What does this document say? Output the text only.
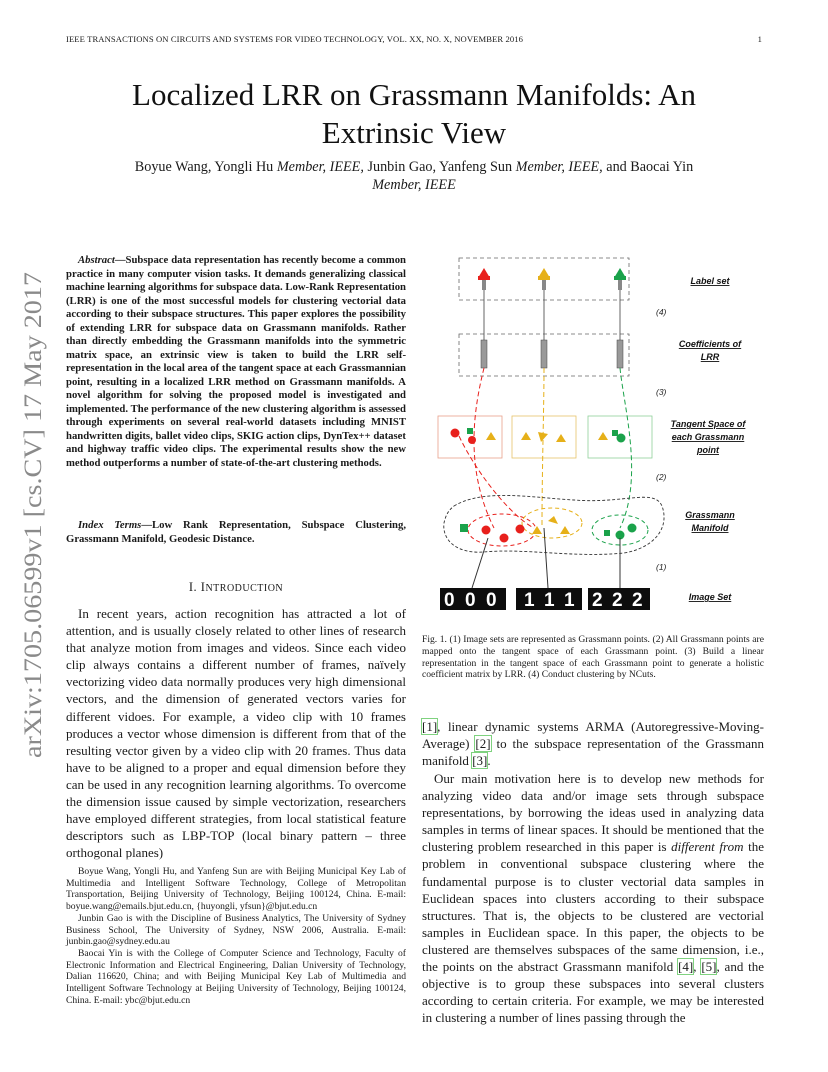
IEEE TRANSACTIONS ON CIRCUITS AND SYSTEMS FOR VIDEO TECHNOLOGY, VOL. XX, NO. X, NOVEMBER 2016	1
arXiv:1705.06599v1 [cs.CV] 17 May 2017
Localized LRR on Grassmann Manifolds: An
Extrinsic View
Boyue Wang, Yongli Hu Member, IEEE, Junbin Gao, Yanfeng Sun Member, IEEE, and Baocai Yin
Member, IEEE
Abstract—Subspace data representation has recently become a common practice in many computer vision tasks. It demands generalizing classical machine learning algorithms for subspace data. Low-Rank Representation (LRR) is one of the most successful models for clustering vectorial data according to their subspace structures. This paper explores the possibility of extending LRR for subspace data on Grassmann manifolds. Rather than directly embedding the Grassmann manifolds into the symmetric matrix space, an extrinsic view is taken to build the LRR self-representation in the local area of the tangent space at each Grassmannian point, resulting in a localized LRR method on Grassmann manifolds. A novel algorithm for solving the proposed model is investigated and implemented. The performance of the new clustering algorithm is assessed through experiments on several real-world datasets including MNIST handwritten digits, ballet video clips, SKIG action clips, DynTex++ dataset and highway traffic video clips. The experimental results show the new method outperforms a number of state-of-the-art clustering methods.
Index Terms—Low Rank Representation, Subspace Clustering, Grassmann Manifold, Geodesic Distance.
I. INTRODUCTION
In recent years, action recognition has attracted a lot of attention, and is usually closely related to other lines of research that analyze motion from images and videos. Since each video clip always contains a different number of frames, naïvely vectorizing video data normally produces very high dimensional vectors, and the dimension of generated vectors varies for different vidoes. For example, a video clip with 10 frames produces a vector whose dimension is different from that of the resulting vector given by a video clip with 20 frames. Thus data have to be aligned to a proper and equal dimension before they can be used in any recognition learning algorithms. To overcome the dimension issue caused by simple vectorization, researchers have employed different strategies, from local statistical feature descriptors such as LBP-TOP (local binary pattern – three orthogonal planes)

Boyue Wang, Yongli Hu, and Yanfeng Sun are with Beijing Municipal Key Lab of Multimedia and Intelligent Software Technology, College of Metropolitan Transportation, Beijing University of Technology, Beijing 100124, China. E-mail: boyue.wang@emails.bjut.edu.cn, {huyongli, yfsun}@bjut.edu.cn

Junbin Gao is with the Discipline of Business Analytics, The University of Sydney Business School, The University of Sydney, NSW 2006, Australia. E-mail: junbin.gao@sydney.edu.au

Baocai Yin is with the College of Computer Science and Technology, Faculty of Electronic Information and Electrical Engineering, Dalian University of Technology, Dalian 116620, China; and with Beijing Municipal Key Lab of Multimedia and Intelligent Software Technology at Beijing University of Technology, Beijing 100124, China. E-mail: ybc@bjut.edu.cn

0 0 0 1 1 1 2 2 2
(4)
(3)
(2)
(1)
Label set
Coefficients of
LRR
Tangent Space of
each Grassmann
point
Grassmann
Manifold
Image Set
Fig. 1. (1) Image sets are represented as Grassmann points. (2) All Grassmann points are mapped onto the tangent space of each Grassmann point. (3) Build a linear representation in the tangent space of each Grassmann point to generate a holistic coefficient matrix by LRR. (4) Conduct clustering by NCuts.
[1], linear dynamic systems ARMA (Autoregressive-Moving-Average) [2] to the subspace representation of the Grassmann manifold [3].
Our main motivation here is to develop new methods for analyzing video data and/or image sets through subspace representations, by borrowing the ideas used in analyzing data samples in terms of linear spaces. It should be mentioned that the clustering problem researched in this paper is different from the problem in conventional subspace clustering where the fundamental purpose is to cluster vectorial data samples in Euclidean spaces into clusters according to their subspace structures. That is, the objects to be clustered are vectorial samples in Euclidean space. In this paper, the objects to be clustered are themselves subspaces of the same dimension, i.e., the points on the abstract Grassmann manifold [4], [5], and the objective is to group these subspaces into several clusters according to certain criteria. For example, we may be interested in clustering a number of lines passing through the
